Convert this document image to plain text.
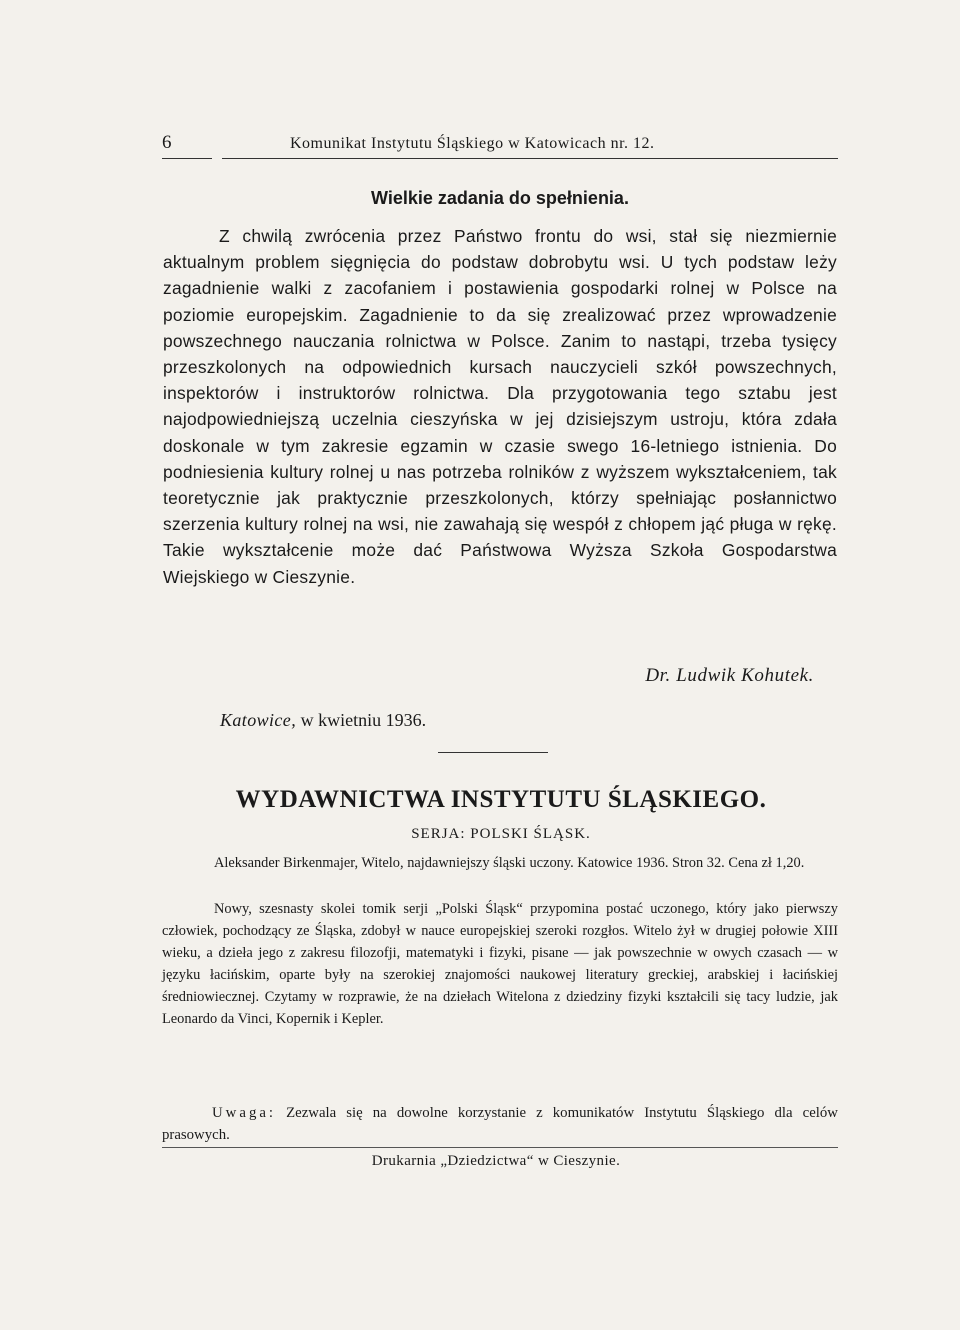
6	Komunikat Instytutu Śląskiego w Katowicach nr. 12.
Wielkie zadania do spełnienia.

Z chwilą zwrócenia przez Państwo frontu do wsi, stał się niezmiernie aktualnym problem sięgnięcia do podstaw dobrobytu wsi. U tych podstaw leży zagadnienie walki z zacofaniem i postawienia gospodarki rolnej w Polsce na poziomie europejskim. Zagadnienie to da się zrealizować przez wprowadzenie powszechnego nauczania rolnictwa w Polsce. Zanim to nastąpi, trzeba tysięcy przeszkolonych na odpowiednich kursach nauczycieli szkół powszechnych, inspektorów i instruktorów rolnictwa. Dla przygotowania tego sztabu jest najodpowiedniejszą uczelnia cieszyńska w jej dzisiejszym ustroju, która zdała doskonale w tym zakresie egzamin w czasie swego 16-letniego istnienia. Do podniesienia kultury rolnej u nas potrzeba rolników z wyższem wykształceniem, tak teoretycznie jak praktycznie przeszkolonych, którzy spełniając posłannictwo szerzenia kultury rolnej na wsi, nie zawahają się wespół z chłopem jąć pługa w rękę. Takie wykształcenie może dać Państwowa Wyższa Szkoła Gospodarstwa Wiejskiego w Cieszynie.

Dr. Ludwik Kohutek.
Katowice, w kwietniu 1936.
WYDAWNICTWA INSTYTUTU ŚLĄSKIEGO.
SERJA: POLSKI ŚLĄSK.

Aleksander Birkenmajer, Witelo, najdawniejszy śląski uczony. Katowice 1936. Stron 32. Cena zł 1,20.

Nowy, szesnasty skolei tomik serji „Polski Śląsk“ przypomina postać uczonego, który jako pierwszy człowiek, pochodzący ze Śląska, zdobył w nauce europejskiej szeroki rozgłos. Witelo żył w drugiej połowie XIII wieku, a dzieła jego z zakresu filozofji, matematyki i fizyki, pisane — jak powszechnie w owych czasach — w języku łacińskim, oparte były na szerokiej znajomości naukowej literatury greckiej, arabskiej i łacińskiej średniowiecznej. Czytamy w rozprawie, że na dziełach Witelona z dziedziny fizyki kształcili się tacy ludzie, jak Leonardo da Vinci, Kopernik i Kepler.

Uwaga: Zezwala się na dowolne korzystanie z komunikatów Instytutu Śląskiego dla celów prasowych.

Drukarnia „Dziedzictwa“ w Cieszynie.
